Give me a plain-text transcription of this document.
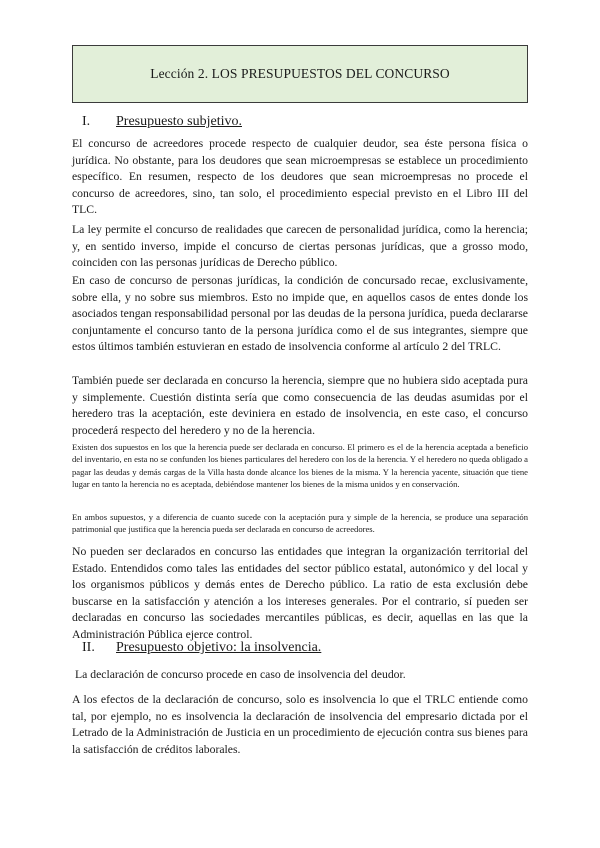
Lección 2. LOS PRESUPUESTOS DEL CONCURSO
I.	Presupuesto subjetivo.

El concurso de acreedores procede respecto de cualquier deudor, sea éste persona física o jurídica. No obstante, para los deudores que sean microempresas se establece un procedimiento específico. En resumen, respecto de los deudores que sean microempresas no procede el concurso de acreedores, sino, tan solo, el procedimiento especial previsto en el Libro III del TLC.

La ley permite el concurso de realidades que carecen de personalidad jurídica, como la herencia; y, en sentido inverso, impide el concurso de ciertas personas jurídicas, que a grosso modo, coinciden con las personas jurídicas de Derecho público.

En caso de concurso de personas jurídicas, la condición de concursado recae, exclusivamente, sobre ella, y no sobre sus miembros. Esto no impide que, en aquellos casos de entes donde los asociados tengan responsabilidad personal por las deudas de la persona jurídica, pueda declararse conjuntamente el concurso tanto de la persona jurídica como el de sus integrantes, siempre que estos últimos también estuvieran en estado de insolvencia conforme al artículo 2 del TRLC.

También puede ser declarada en concurso la herencia, siempre que no hubiera sido aceptada pura y simplemente. Cuestión distinta sería que como consecuencia de las deudas asumidas por el heredero tras la aceptación, este deviniera en estado de insolvencia, en este caso, el concurso procederá respecto del heredero y no de la herencia.

Existen dos supuestos en los que la herencia puede ser declarada en concurso. El primero es el de la herencia aceptada a beneficio del inventario, en esta no se confunden los bienes particulares del heredero con los de la herencia. Y el heredero no queda obligado a pagar las deudas y demás cargas de la Villa hasta donde alcance los bienes de la misma. Y la herencia yacente, situación que tiene lugar en tanto la herencia no es aceptada, debiéndose mantener los bienes de la misma unidos y en conservación.

En ambos supuestos, y a diferencia de cuanto sucede con la aceptación pura y simple de la herencia, se produce una separación patrimonial que justifica que la herencia pueda ser declarada en concurso de acreedores.

No pueden ser declarados en concurso las entidades que integran la organización territorial del Estado. Entendidos como tales las entidades del sector público estatal, autonómico y del local y los organismos públicos y demás entes de Derecho público. La ratio de esta exclusión debe buscarse en la satisfacción y atención a los intereses generales. Por el contrario, sí pueden ser declaradas en concurso las sociedades mercantiles públicas, es decir, aquellas en las que la Administración Pública ejerce control.

II.	Presupuesto objetivo: la insolvencia.

La declaración de concurso procede en caso de insolvencia del deudor.

A los efectos de la declaración de concurso, solo es insolvencia lo que el TRLC entiende como tal, por ejemplo, no es insolvencia la declaración de insolvencia del empresario dictada por el Letrado de la Administración de Justicia en un procedimiento de ejecución contra sus bienes para la satisfacción de créditos laborales.
